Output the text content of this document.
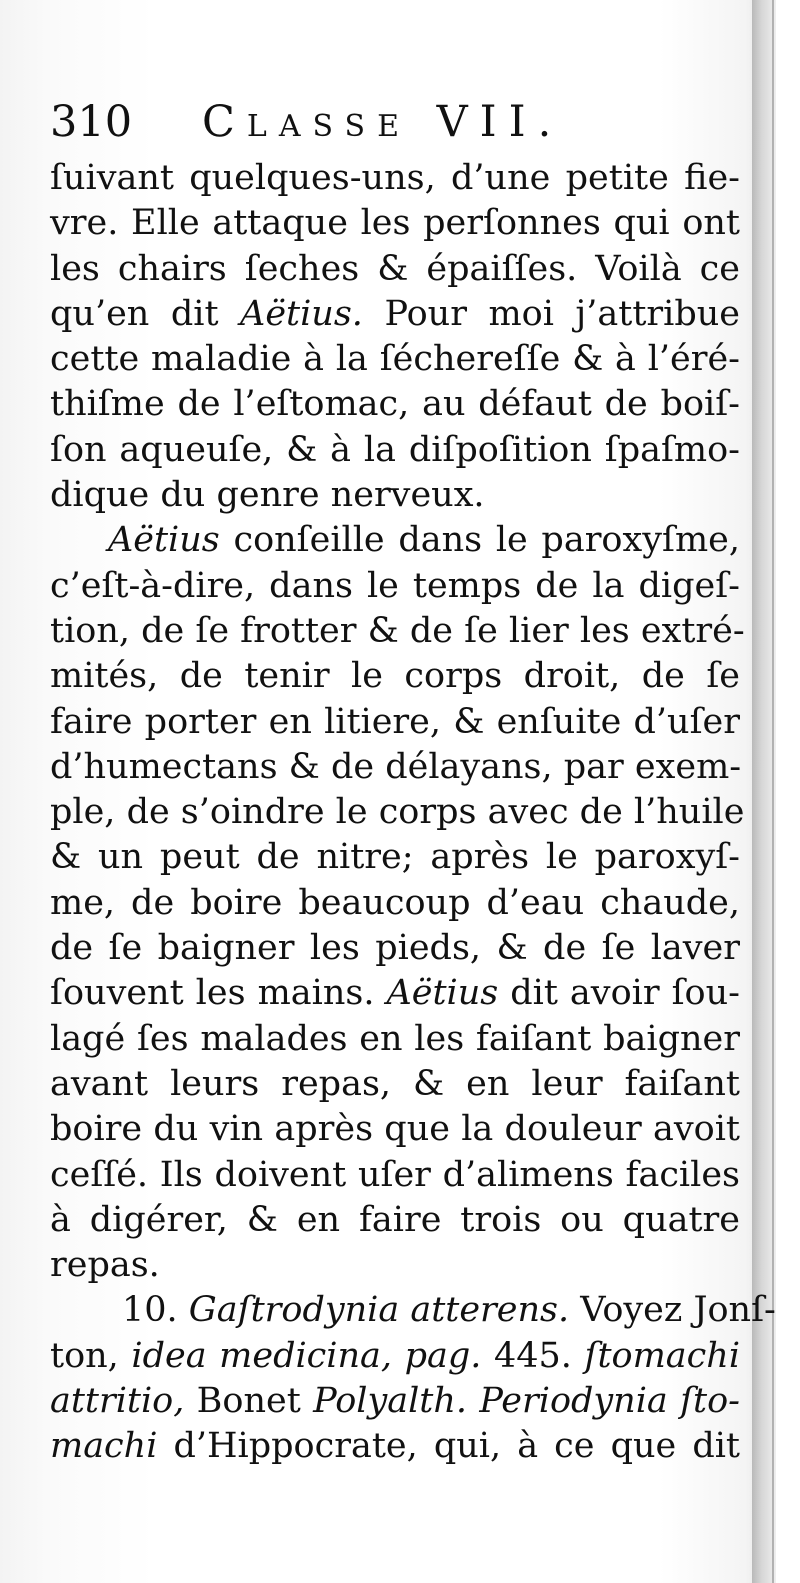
310 Classe VII.
ſuivant quelques-uns, d’une petite fie-
vre. Elle attaque les perſonnes qui ont
les chairs ſeches & épaiſſes. Voilà ce
qu’en dit Aëtius. Pour moi j’attribue
cette maladie à la ſéchereſſe & à l’éré-
thiſme de l’eſtomac, au défaut de boiſ-
ſon aqueuſe, & à la diſpoſition ſpaſmo-
dique du genre nerveux.
Aëtius conſeille dans le paroxyſme,
c’eſt-à-dire, dans le temps de la digeſ-
tion, de ſe frotter & de ſe lier les extré-
mités, de tenir le corps droit, de ſe
faire porter en litiere, & enſuite d’uſer
d’humectans & de délayans, par exem-
ple, de s’oindre le corps avec de l’huile
& un peut de nitre; après le paroxyſ-
me, de boire beaucoup d’eau chaude,
de ſe baigner les pieds, & de ſe laver
ſouvent les mains. Aëtius dit avoir ſou-
lagé ſes malades en les faiſant baigner
avant leurs repas, & en leur faiſant
boire du vin après que la douleur avoit
ceſſé. Ils doivent uſer d’alimens faciles
à digérer, & en faire trois ou quatre
repas.
10. Gaſtrodynia atterens. Voyez Jonſ-
ton, idea medicina, pag. 445. ſtomachi
attritio, Bonet Polyalth. Periodynia ſto-
machi d’Hippocrate, qui, à ce que dit
